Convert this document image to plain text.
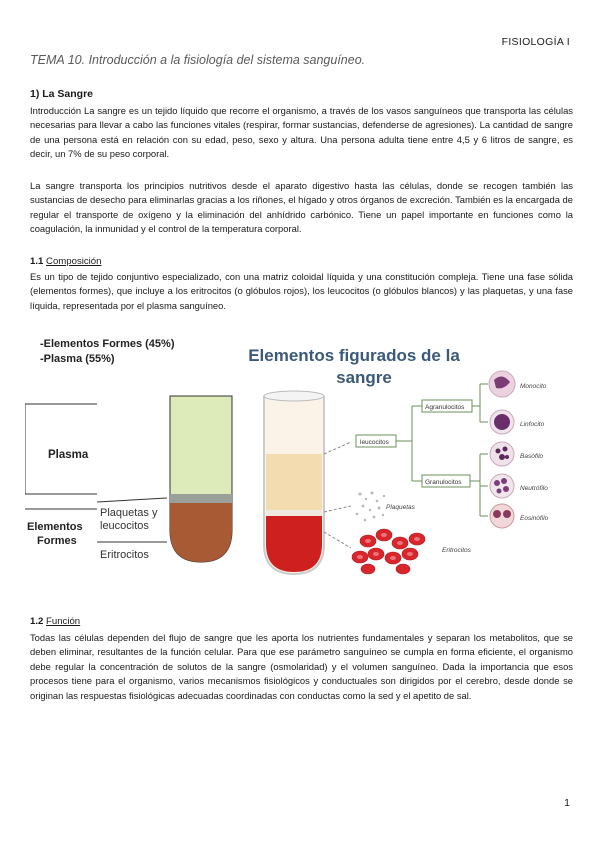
FISIOLOGÍA I
TEMA 10. Introducción a la fisiología del sistema sanguíneo.
1) La Sangre
Introducción La sangre es un tejido líquido que recorre el organismo, a través de los vasos sanguíneos que transporta las células necesarias para llevar a cabo las funciones vitales (respirar, formar sustancias, defenderse de agresiones). La cantidad de sangre de una persona está en relación con su edad, peso, sexo y altura. Una persona adulta tiene entre 4,5 y 6 litros de sangre, es decir, un 7% de su peso corporal.
La sangre transporta los principios nutritivos desde el aparato digestivo hasta las células, donde se recogen también las sustancias de desecho para eliminarlas gracias a los riñones, el hígado y otros órganos de excreción. También es la encargada de regular el transporte de oxígeno y la eliminación del anhídrido carbónico. Tiene un papel importante en funciones como la coagulación, la inmunidad y el control de la temperatura corporal.
1.1 Composición
Es un tipo de tejido conjuntivo especializado, con una matriz coloidal líquida y una constitución compleja. Tiene una fase sólida (elementos formes), que incluye a los eritrocitos (o glóbulos rojos), los leucocitos (o glóbulos blancos) y las plaquetas, y una fase líquida, representada por el plasma sanguíneo.
-Elementos Formes (45%)
-Plasma (55%)
Plasma
Elementos
Formes
Plaquetas y
leucocitos
Eritrocitos
Elementos figurados de la
sangre
leucocitos
Agranulocitos
Granulocitos
Monocito
Linfocito
Basófilo
Neutrófilo
Eosinófilo
Plaquetas
Eritrocitos
1.2 Función
Todas las células dependen del flujo de sangre que les aporta los nutrientes fundamentales y separan los metabolitos, que se deben eliminar, resultantes de la función celular. Para que ese parámetro sanguíneo se cumpla en forma eficiente, el organismo debe regular la concentración de solutos de la sangre (osmolaridad) y el volumen sanguíneo. Dada la importancia que esos procesos tiene para el organismo, varios mecanismos fisiológicos y conductuales son dirigidos por el cerebro, desde donde se originan las respuestas fisiológicas adecuadas coordinadas con conductas como la sed y el apetito de sal.
1
